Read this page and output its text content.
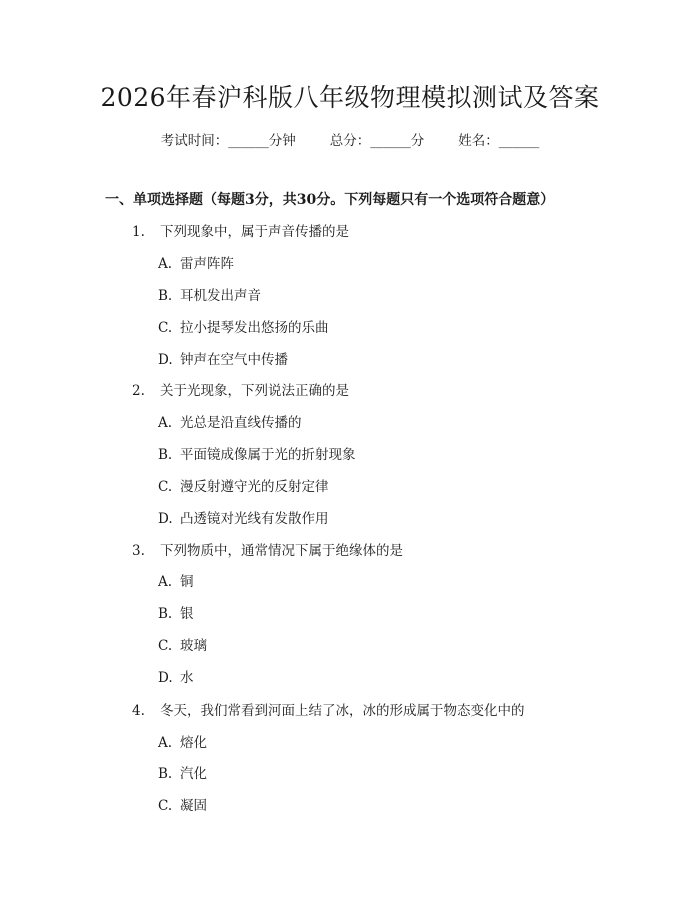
2026年春沪科版八年级物理模拟测试及答案
考试时间：______分钟	总分：______分	姓名：______
一、单项选择题（每题3分，共30分。下列每题只有一个选项符合题意）
1. 下列现象中，属于声音传播的是
A. 雷声阵阵
B. 耳机发出声音
C. 拉小提琴发出悠扬的乐曲
D. 钟声在空气中传播
2. 关于光现象，下列说法正确的是
A. 光总是沿直线传播的
B. 平面镜成像属于光的折射现象
C. 漫反射遵守光的反射定律
D. 凸透镜对光线有发散作用
3. 下列物质中，通常情况下属于绝缘体的是
A. 铜
B. 银
C. 玻璃
D. 水
4. 冬天，我们常看到河面上结了冰，冰的形成属于物态变化中的
A. 熔化
B. 汽化
C. 凝固
